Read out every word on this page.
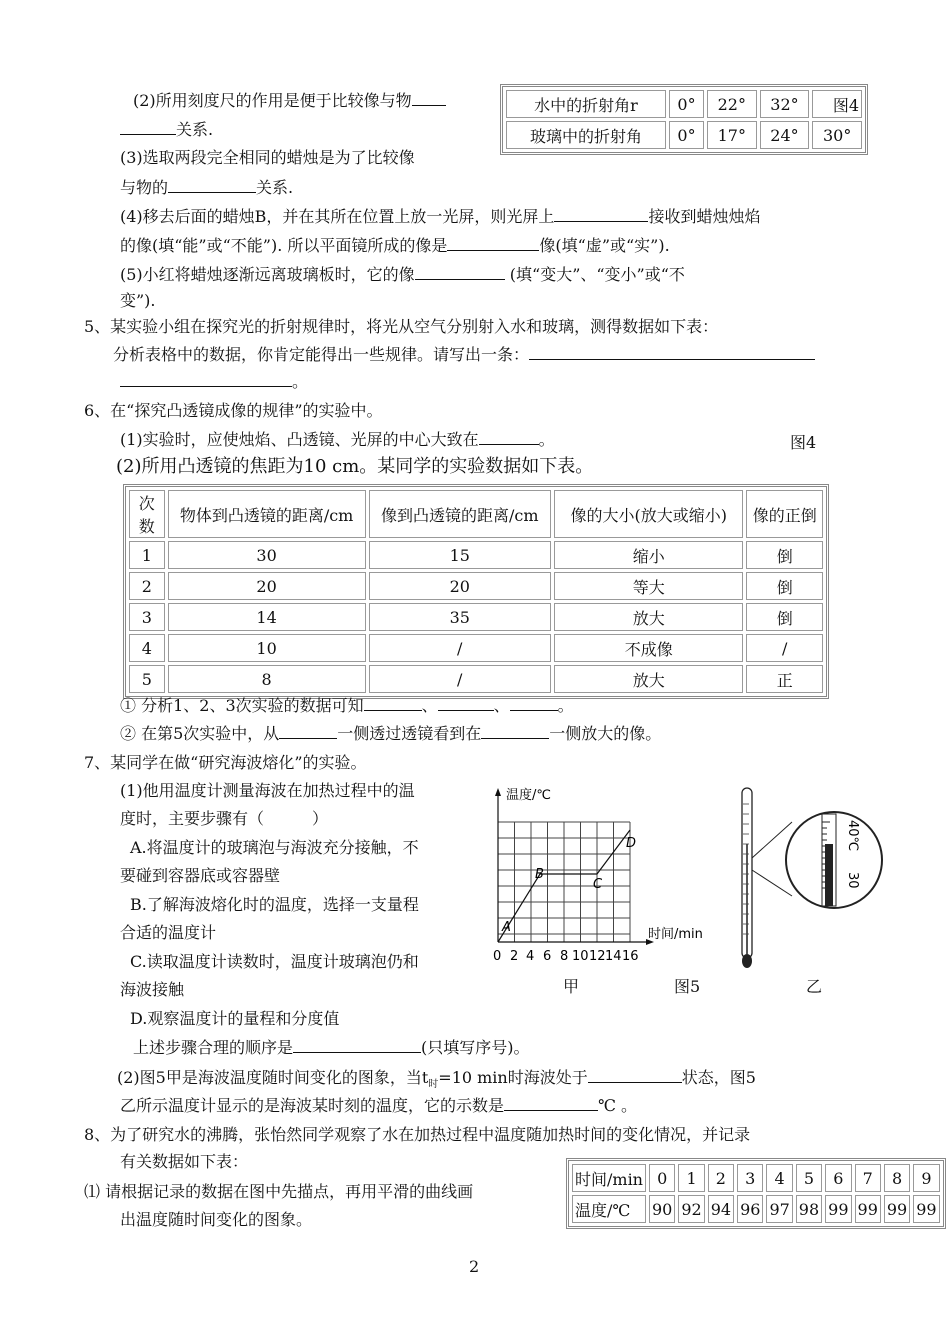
(2)所用刻度尺的作用是便于比较像与物
关系.
(3)选取两段完全相同的蜡烛是为了比较像
与物的	关系.
(4)移去后面的蜡烛B，并在其所在位置上放一光屏，则光屏上	接收到蜡烛烛焰
的像(填“能”或“不能”). 所以平面镜所成的像是	像(填“虚”或“实”).
(5)小红将蜡烛逐渐远离玻璃板时，它的像	(填“变大”、“变小”或“不
变”).
水中的折射角r	0°	22°	32°	图4
玻璃中的折射角	0°	17°	24°	30°
5、某实验小组在探究光的折射规律时，将光从空气分别射入水和玻璃，测得数据如下表：
分析表格中的数据，你肯定能得出一些规律。请写出一条：
。
6、在“探究凸透镜成像的规律”的实验中。
(1)实验时，应使烛焰、凸透镜、光屏的中心大致在	。	图4
(2)所用凸透镜的焦距为10 cm。某同学的实验数据如下表。
次数	物体到凸透镜的距离/cm	像到凸透镜的距离/cm	像的大小(放大或缩小)	像的正倒
1	30	15	缩小	倒
2	20	20	等大	倒
3	14	35	放大	倒
4	10	/	不成像	/
5	8	/	放大	正
① 分析1、2、3次实验的数据可知	、	、	。
② 在第5次实验中，从	一侧透过透镜看到在	一侧放大的像。
7、某同学在做“研究海波熔化”的实验。
(1)他用温度计测量海波在加热过程中的温
度时，主要步骤有（　　　）
A.将温度计的玻璃泡与海波充分接触，不
要碰到容器底或容器壁
B.了解海波熔化时的温度，选择一支量程
合适的温度计
C.读取温度计读数时，温度计玻璃泡仍和
海波接触
D.观察温度计的量程和分度值
上述步骤合理的顺序是	(只填写序号)。
(2)图5甲是海波温度随时间变化的图象，当$t_时=10$ min时海波处于	状态，图5
乙所示温度计显示的是海波某时刻的温度，它的示数是	℃ 。
温度/℃
时间/min
A
B
C
D
0 2 4 6 8 10 12 14 16
40℃
30
甲	图5	乙
8、为了研究水的沸腾，张怡然同学观察了水在加热过程中温度随加热时间的变化情况，并记录
有关数据如下表：
⑴ 请根据记录的数据在图中先描点，再用平滑的曲线画
出温度随时间变化的图象。
时间/min	0	1	2	3	4	5	6	7	8	9
温度/℃	90	92	94	96	97	98	99	99	99	99
2
